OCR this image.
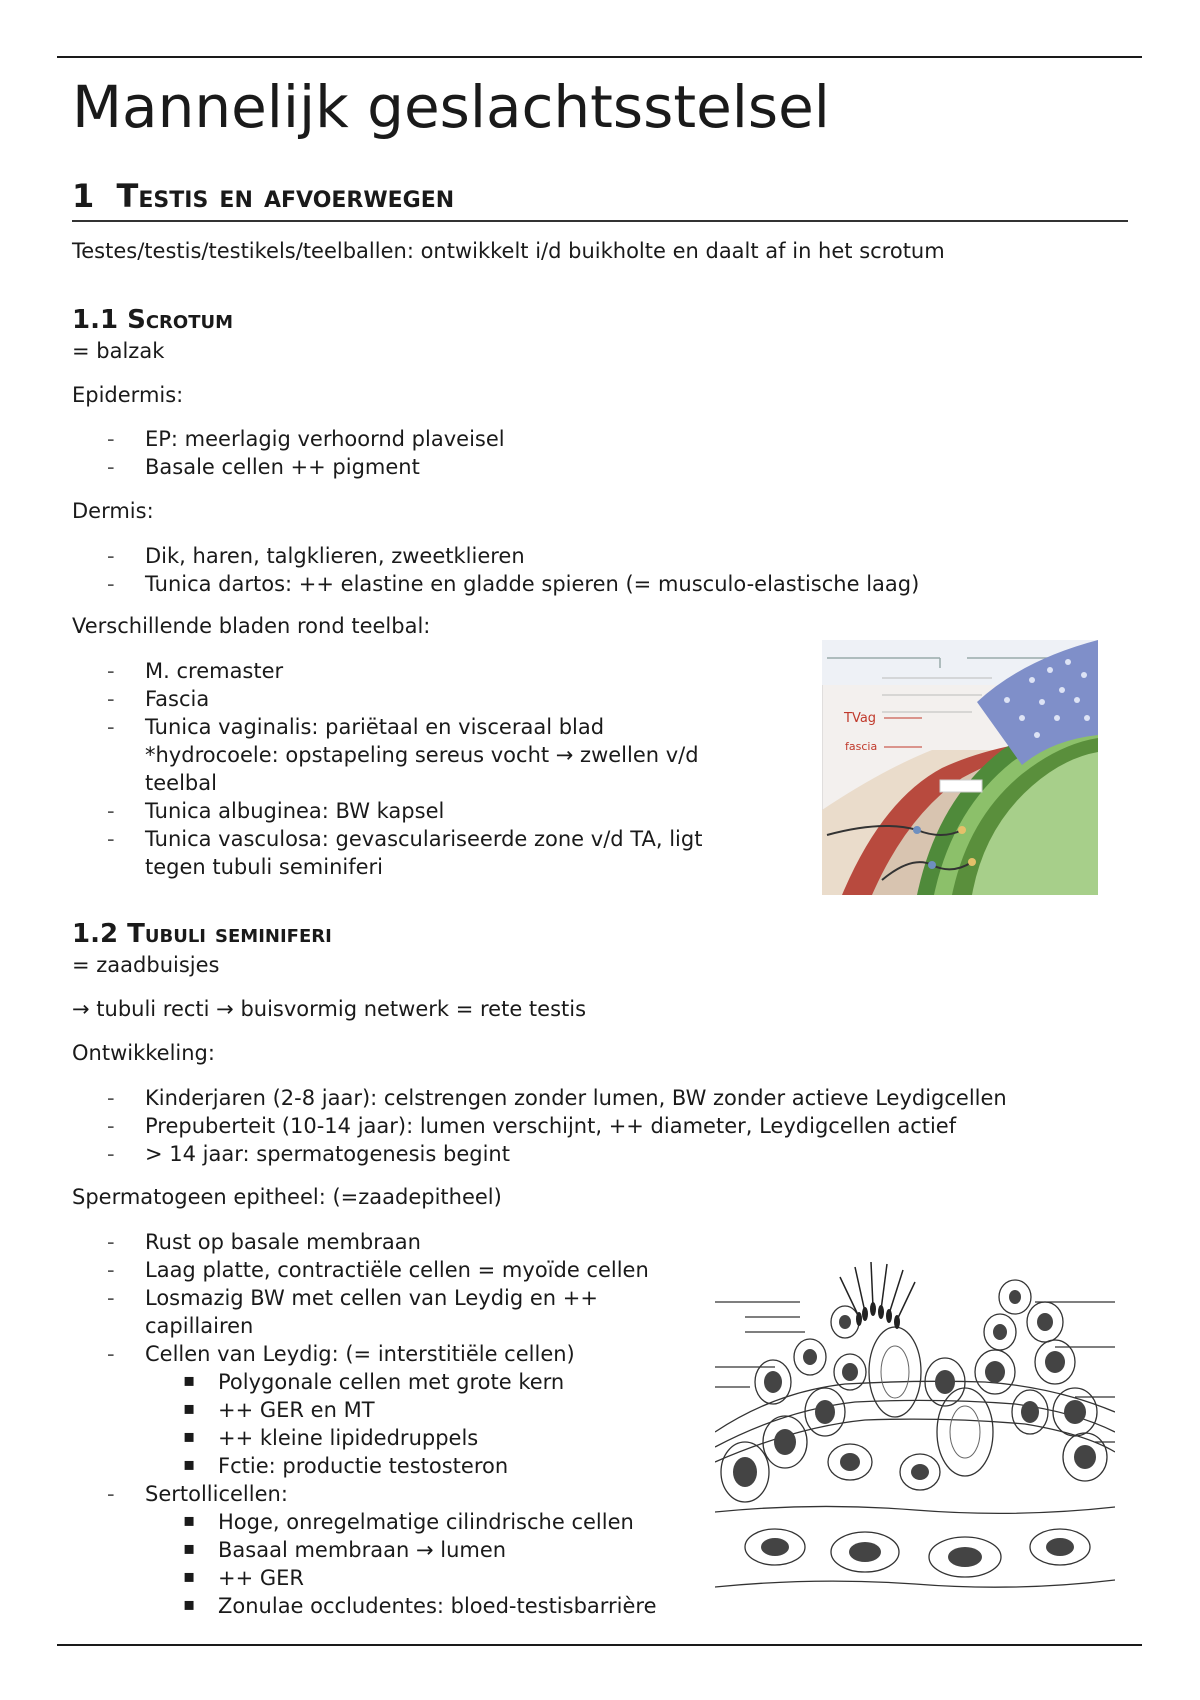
Mannelijk geslachtsstelsel
1 Testis en afvoerwegen

Testes/testis/testikels/teelballen: ontwikkelt i/d buikholte en daalt af in het scrotum

1.1 Scrotum

= balzak

Epidermis:

- EP: meerlagig verhoornd plaveisel
- Basale cellen ++ pigment

Dermis:

- Dik, haren, talgklieren, zweetklieren
- Tunica dartos: ++ elastine en gladde spieren (= musculo-elastische laag)

Verschillende bladen rond teelbal:

- M. cremaster
- Fascia
- Tunica vaginalis: pariëtaal en visceraal blad
*hydrocoele: opstapeling sereus vocht → zwellen v/d teelbal
- Tunica albuginea: BW kapsel
- Tunica vasculosa: gevasculariseerde zone v/d TA, ligt tegen tubuli seminiferi
TVag
fascia
1.2 Tubuli seminiferi

= zaadbuisjes

→ tubuli recti → buisvormig netwerk = rete testis

Ontwikkeling:

- Kinderjaren (2-8 jaar): celstrengen zonder lumen, BW zonder actieve Leydigcellen
- Prepuberteit (10-14 jaar): lumen verschijnt, ++ diameter, Leydigcellen actief
- > 14 jaar: spermatogenesis begint

Spermatogeen epitheel: (=zaadepitheel)

- Rust op basale membraan
- Laag platte, contractiële cellen = myoïde cellen
- Losmazig BW met cellen van Leydig en ++ capillairen
- Cellen van Leydig: (= interstitiële cellen)
▪ Polygonale cellen met grote kern
▪ ++ GER en MT
▪ ++ kleine lipidedruppels
▪ Fctie: productie testosteron
- Sertollicellen:
▪ Hoge, onregelmatige cilindrische cellen
▪ Basaal membraan → lumen
▪ ++ GER
▪ Zonulae occludentes: bloed-testisbarrière
